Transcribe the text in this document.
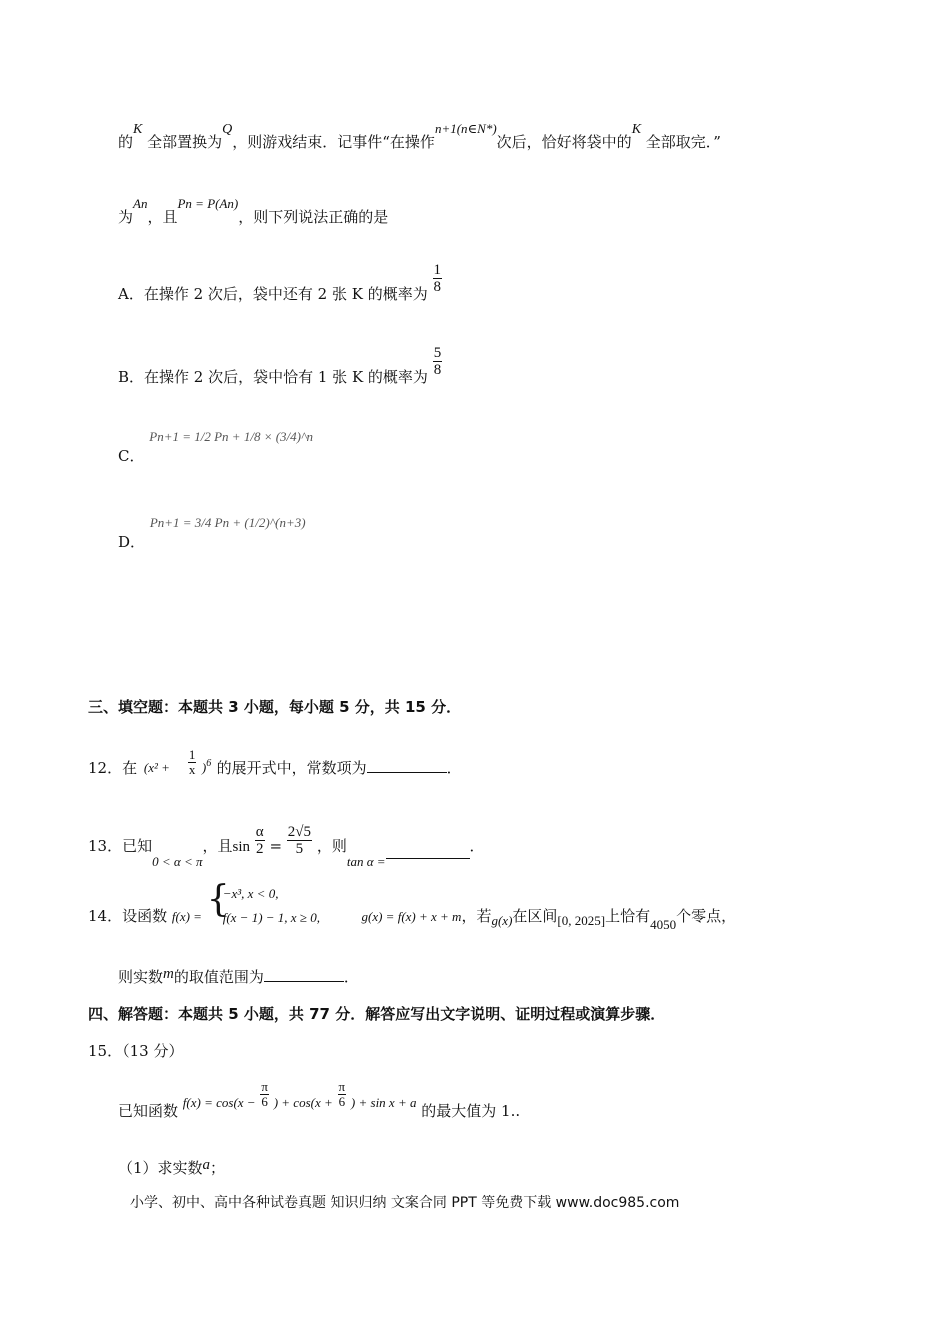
的K 全部置换为Q，则游戏结束．记事件“在操作n+1(n∈N*)次后，恰好将袋中的K 全部取完．”
为An，且Pn = P(An)，则下列说法正确的是
A．在操作 2 次后，袋中还有 2 张 K 的概率为 $\frac{1}{8}$
B．在操作 2 次后，袋中恰有 1 张 K 的概率为 $\frac{5}{8}$
C． Pn+1 = 1/2 Pn + 1/8 × (3/4)^n
D． Pn+1 = 3/4 Pn + (1/2)^(n+3)
三、填空题：本题共 3 小题，每小题 5 分，共 15 分．
12．在 $(x^2 + \frac{1}{x} )^6$ 的展开式中，常数项为	．
13．已知0 < α < π，且$\sin \frac{\alpha}{2} = \frac{2√5}{5}$ ，则tan α =．
14．设函数 f(x) = {
−x³, x < 0,
f(x − 1) − 1, x ≥ 0,	g(x) = f(x) + x + m，若g(x)在区间[0, 2025]上恰有4050个零点，
则实数m的取值范围为	．
四、解答题：本题共 5 小题，共 77 分．解答应写出文字说明、证明过程或演算步骤．
15．（13 分）
已知函数 $f(x) = \cos(x - \frac{\pi}{6}$ ) + $\cos(x + \frac{\pi}{6}$ ) + sin x + a 的最大值为 1..
（1）求实数a；
小学、初中、高中各种试卷真题 知识归纳 文案合同 PPT 等免费下载 www.doc985.com
